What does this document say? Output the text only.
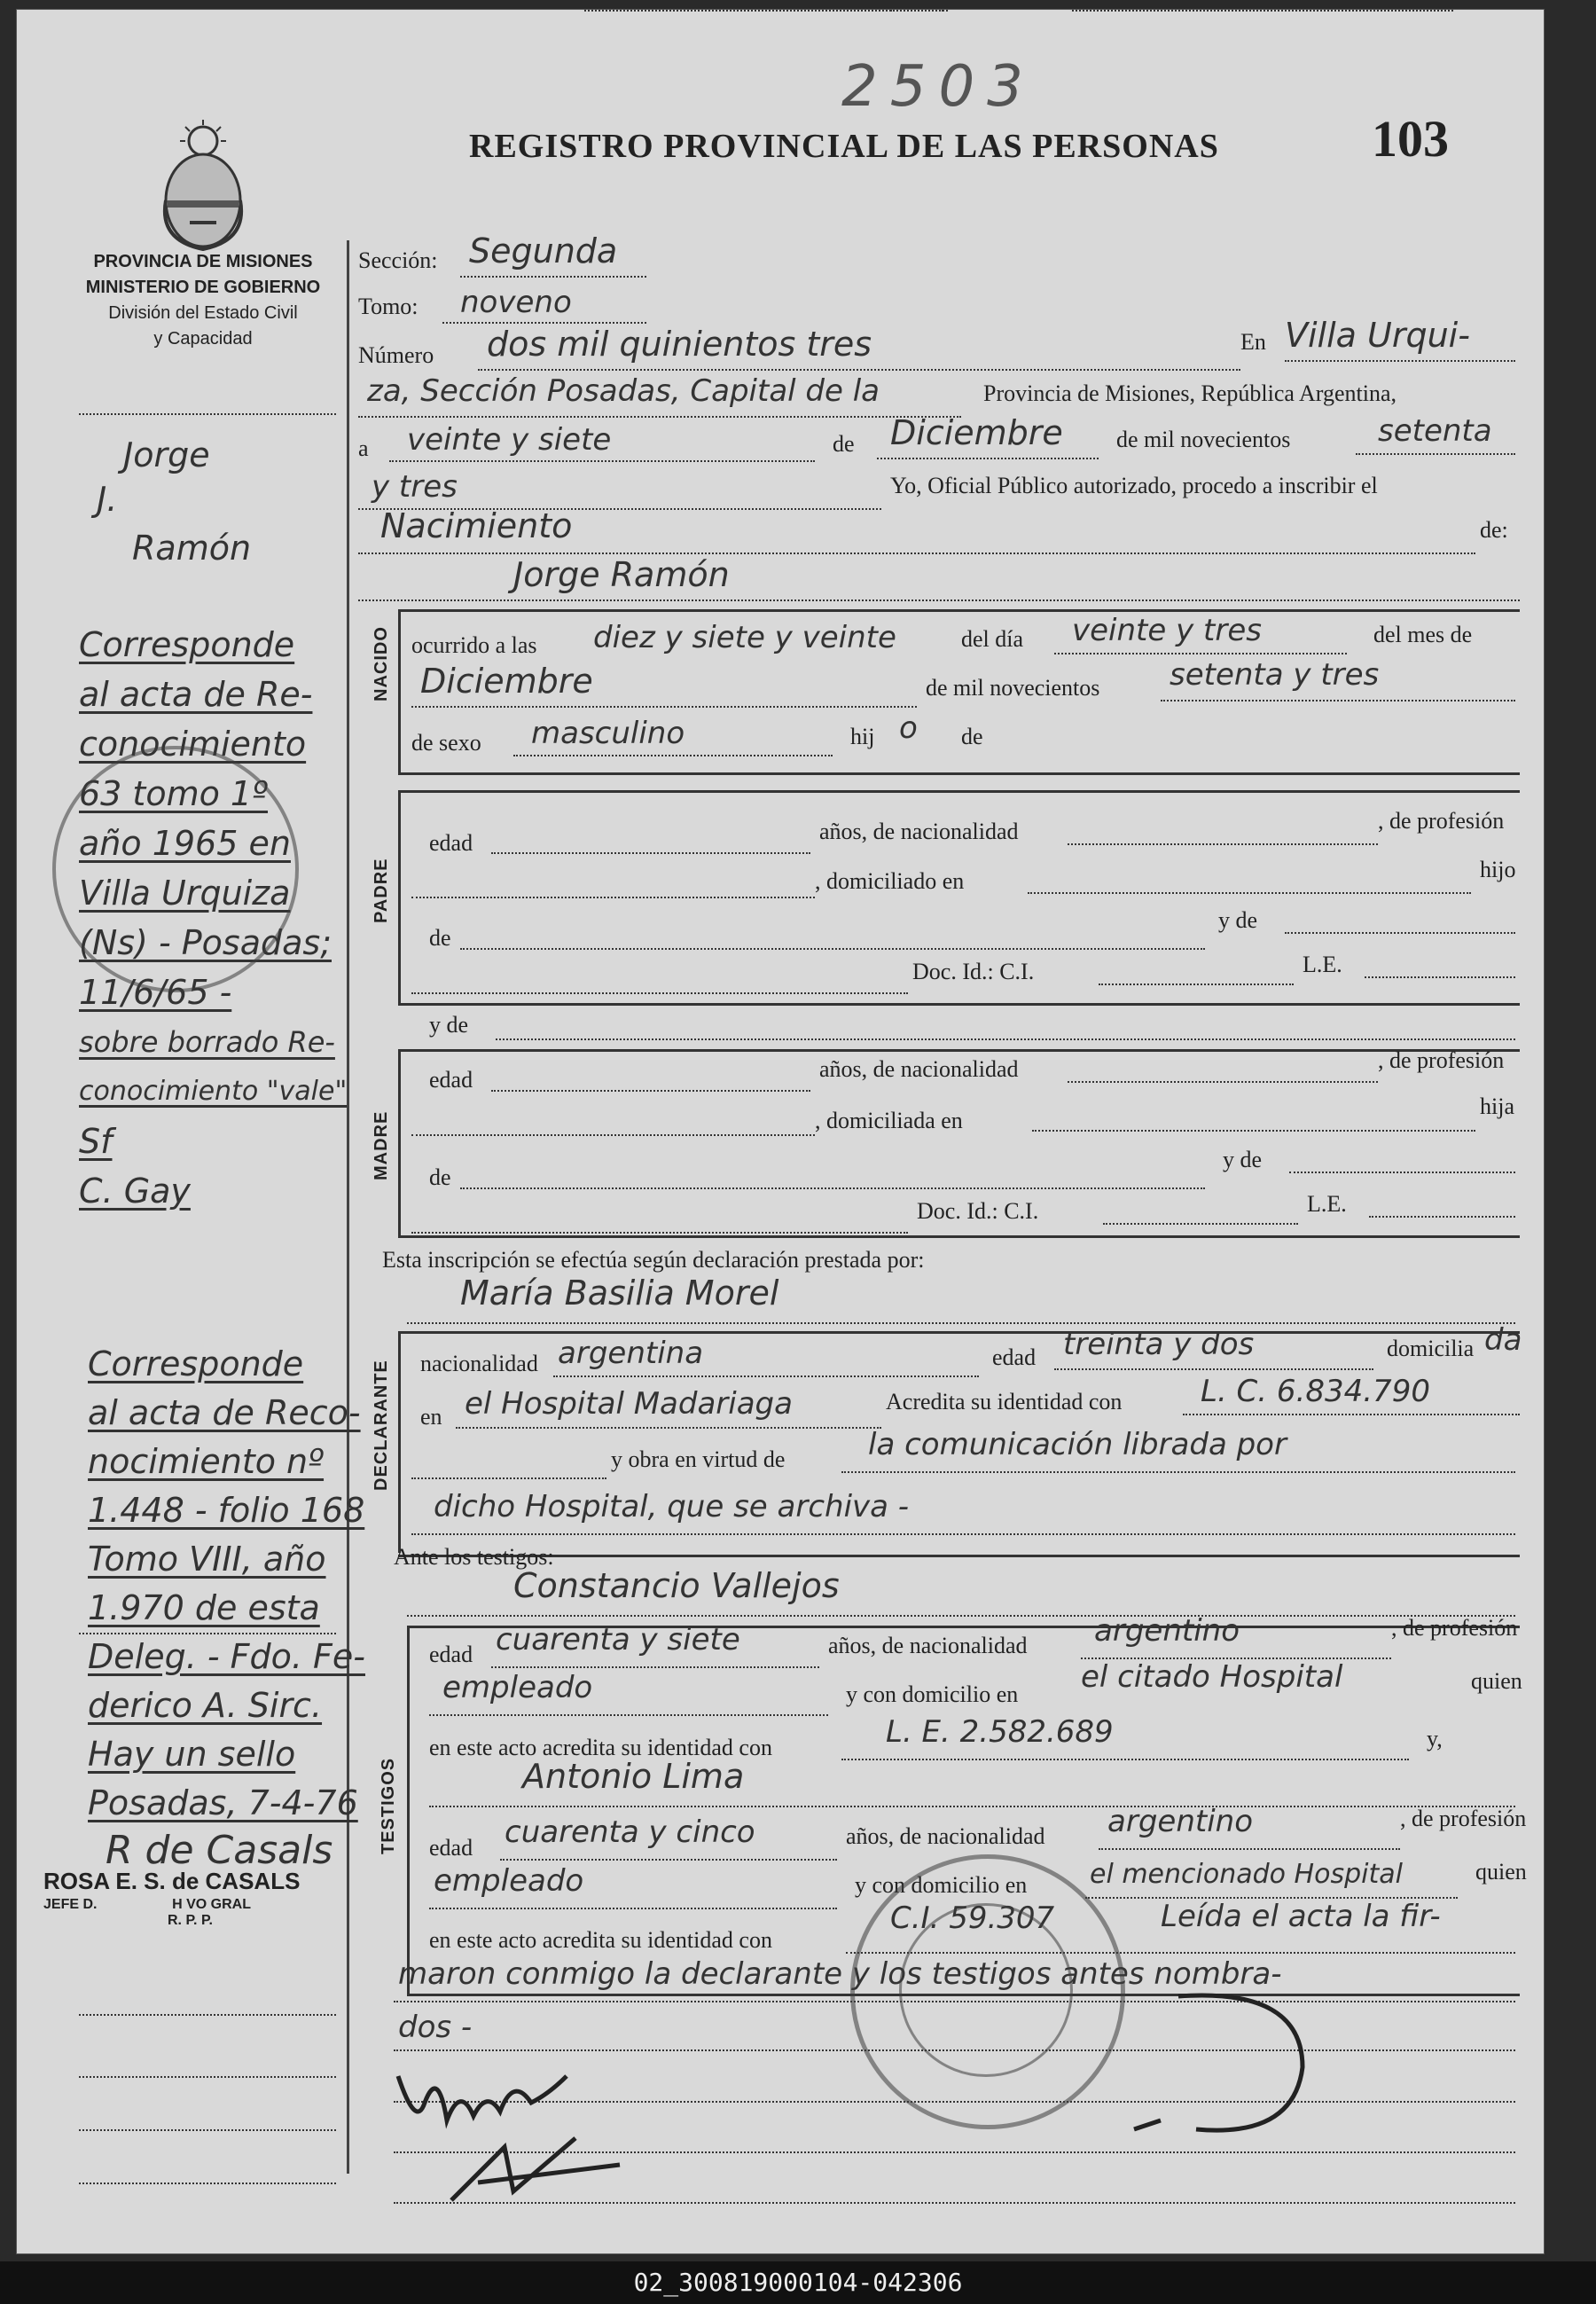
2503
PROVINCIA DE MISIONES
MINISTERIO DE GOBIERNO
División del Estado Civil
y Capacidad
REGISTRO PROVINCIAL DE LAS PERSONAS	103
Jorge
J.
Ramón
Corresponde
al acta de Re-
conocimiento
63 tomo 1º
año 1965 en
Villa Urquiza
(Ns) - Posadas;
11/6/65 -
sobre borrado Re-
conocimiento "vale"
Sf
C. Gay
Corresponde
al acta de Reco-
nocimiento nº
1.448 - folio 168
Tomo VIII, año
1.970 de esta
Deleg. - Fdo. Fe-
derico A. Sirc.
Hay un sello
Posadas, 7-4-76
R de Casals
ROSA E. S. de CASALS
JEFE D.	H VO GRAL
R. P. P.
Sección: Segunda
Tomo: noveno
Número dos mil quinientos tres	En Villa Urqui-
za, Sección Posadas, Capital de la	Provincia de Misiones, República Argentina,
a veinte y siete	de Diciembre de mil novecientos	setenta
y tres	Yo, Oficial Público autorizado, procedo a inscribir el
Nacimiento	de:
Jorge Ramón
NACIDO ocurrido a las diez y siete y veinte	del día veinte y tres	del mes de
Diciembre	de mil novecientos setenta y tres
de sexo masculino	hij o de
PADRE
edad	años, de nacionalidad	, de profesión
, domiciliado en	hijo
de
y de
Doc. Id.: C.I.	L.E.
y de
MADRE
edad	años, de nacionalidad	, de profesión
, domiciliada en
hija
de
y de
Doc. Id.: C.I.	L.E.
Esta inscripción se efectúa según declaración prestada por:
María Basilia Morel
DECLARANTE nacionalidad argentina	edad treinta y dos	domicilia da
en el Hospital Madariaga	Acredita su identidad con	L. C. 6.834.790
y obra en virtud de	la comunicación librada por
dicho Hospital, que se archiva -
Ante los testigos:
Constancio Vallejos
TESTIGOS
edad cuarenta y siete	años, de nacionalidad argentino	, de profesión
empleado	y con domicilio en el citado Hospital	quien
en este acto acredita su identidad con	L. E. 2.582.689	y,
Antonio Lima
edad cuarenta y cinco	años, de nacionalidad argentino	, de profesión
empleado	y con domicilio en el mencionado Hospital	quien
en este acto acredita su identidad con
C.I. 59.307	Leída el acta la fir-
maron conmigo la declarante y los testigos antes nombra-
dos -
02_300819000104-042306
